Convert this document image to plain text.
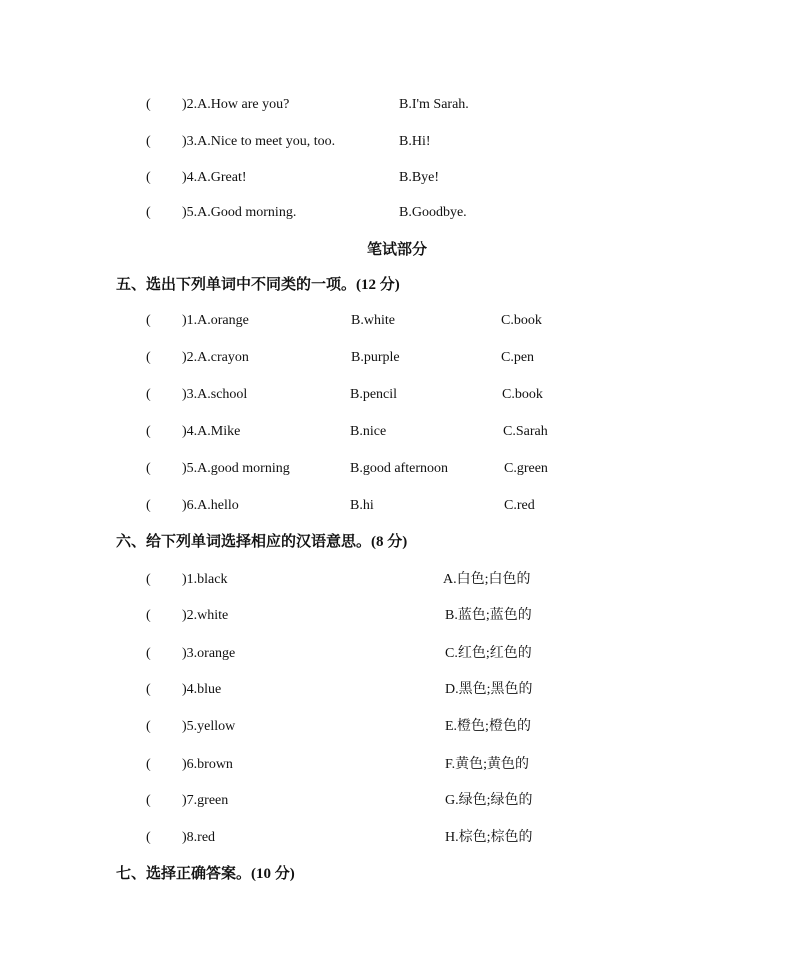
( )2.A.How are you?	B.I'm Sarah.
( )3.A.Nice to meet you, too.	B.Hi!
( )4.A.Great!	B.Bye!
( )5.A.Good morning.	B.Goodbye.
笔试部分
五、选出下列单词中不同类的一项。(12 分)
( )1.A.orange	B.white	C.book
( )2.A.crayon	B.purple	C.pen
( )3.A.school	B.pencil	C.book
( )4.A.Mike	B.nice	C.Sarah
( )5.A.good morning	B.good afternoon	C.green
( )6.A.hello	B.hi	C.red
六、给下列单词选择相应的汉语意思。(8 分)
( )1.black	A.白色;白色的
( )2.white	B.蓝色;蓝色的
( )3.orange	C.红色;红色的
( )4.blue	D.黑色;黑色的
( )5.yellow	E.橙色;橙色的
( )6.brown	F.黄色;黄色的
( )7.green	G.绿色;绿色的
( )8.red	H.棕色;棕色的
七、选择正确答案。(10 分)
